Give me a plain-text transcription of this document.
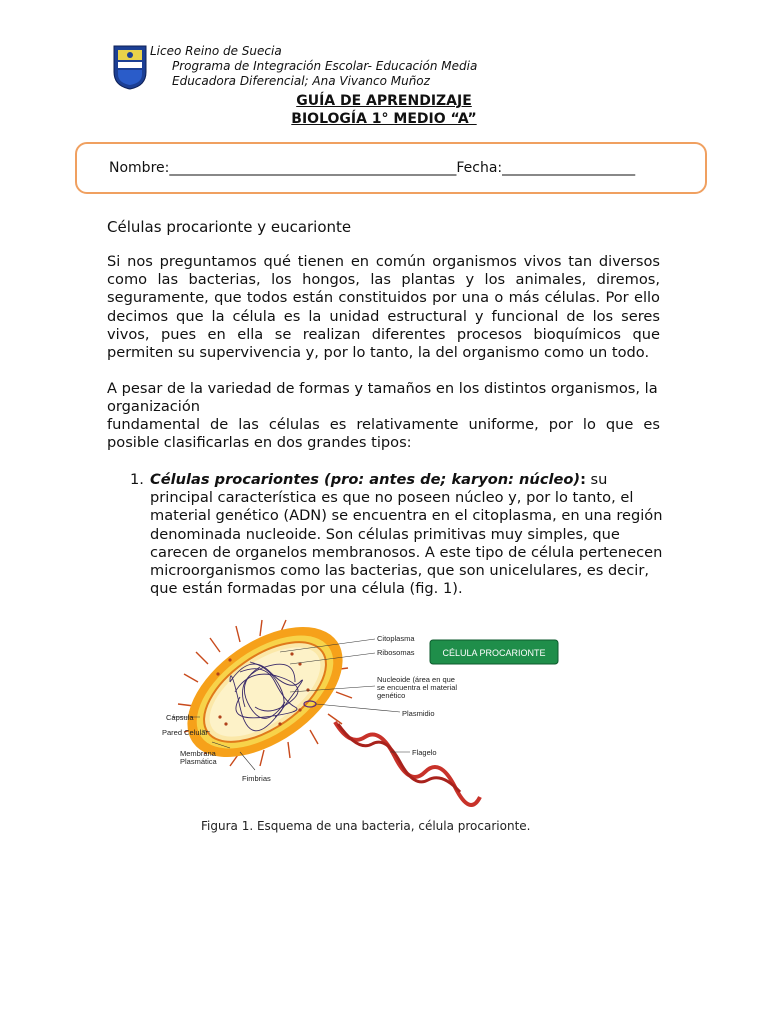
Liceo Reino de Suecia
Programa de Integración Escolar- Educación Media
Educadora Diferencial; Ana Vivanco Muñoz
GUÍA DE APRENDIZAJE
BIOLOGÍA 1° MEDIO “A”
Nombre:_________________________________________Fecha:___________________
Células procarionte y eucarionte
Si nos preguntamos qué tienen en común organismos vivos tan diversos como las bacterias, los hongos, las plantas y los animales, diremos, seguramente, que todos están constituidos por una o más células. Por ello decimos que la célula es la unidad estructural y funcional de los seres vivos, pues en ella se realizan diferentes procesos bioquímicos que permiten su supervivencia y, por lo tanto, la del organismo como un todo.
A pesar de la variedad de formas y tamaños en los distintos organismos, la organización
fundamental de las células es relativamente uniforme, por lo que es posible clasificarlas en dos grandes tipos:
1. Células procariontes (pro: antes de; karyon: núcleo): su principal característica es que no poseen núcleo y, por lo tanto, el material genético (ADN) se encuentra en el citoplasma, en una región denominada nucleoide. Son células primitivas muy simples, que carecen de organelos membranosos. A este tipo de célula pertenecen microorganismos como las bacterias, que son unicelulares, es decir, que están formadas por una célula (fig. 1).
Citoplasma
Ribosomas
Nucleoide (área en que
se encuentra el material
genético
Plasmidio
Cápsula
Pared Celular
Membrana
Plasmática
Flagelo
Fimbrias
CÉLULA PROCARIONTE
Figura 1. Esquema de una bacteria, célula procarionte.
